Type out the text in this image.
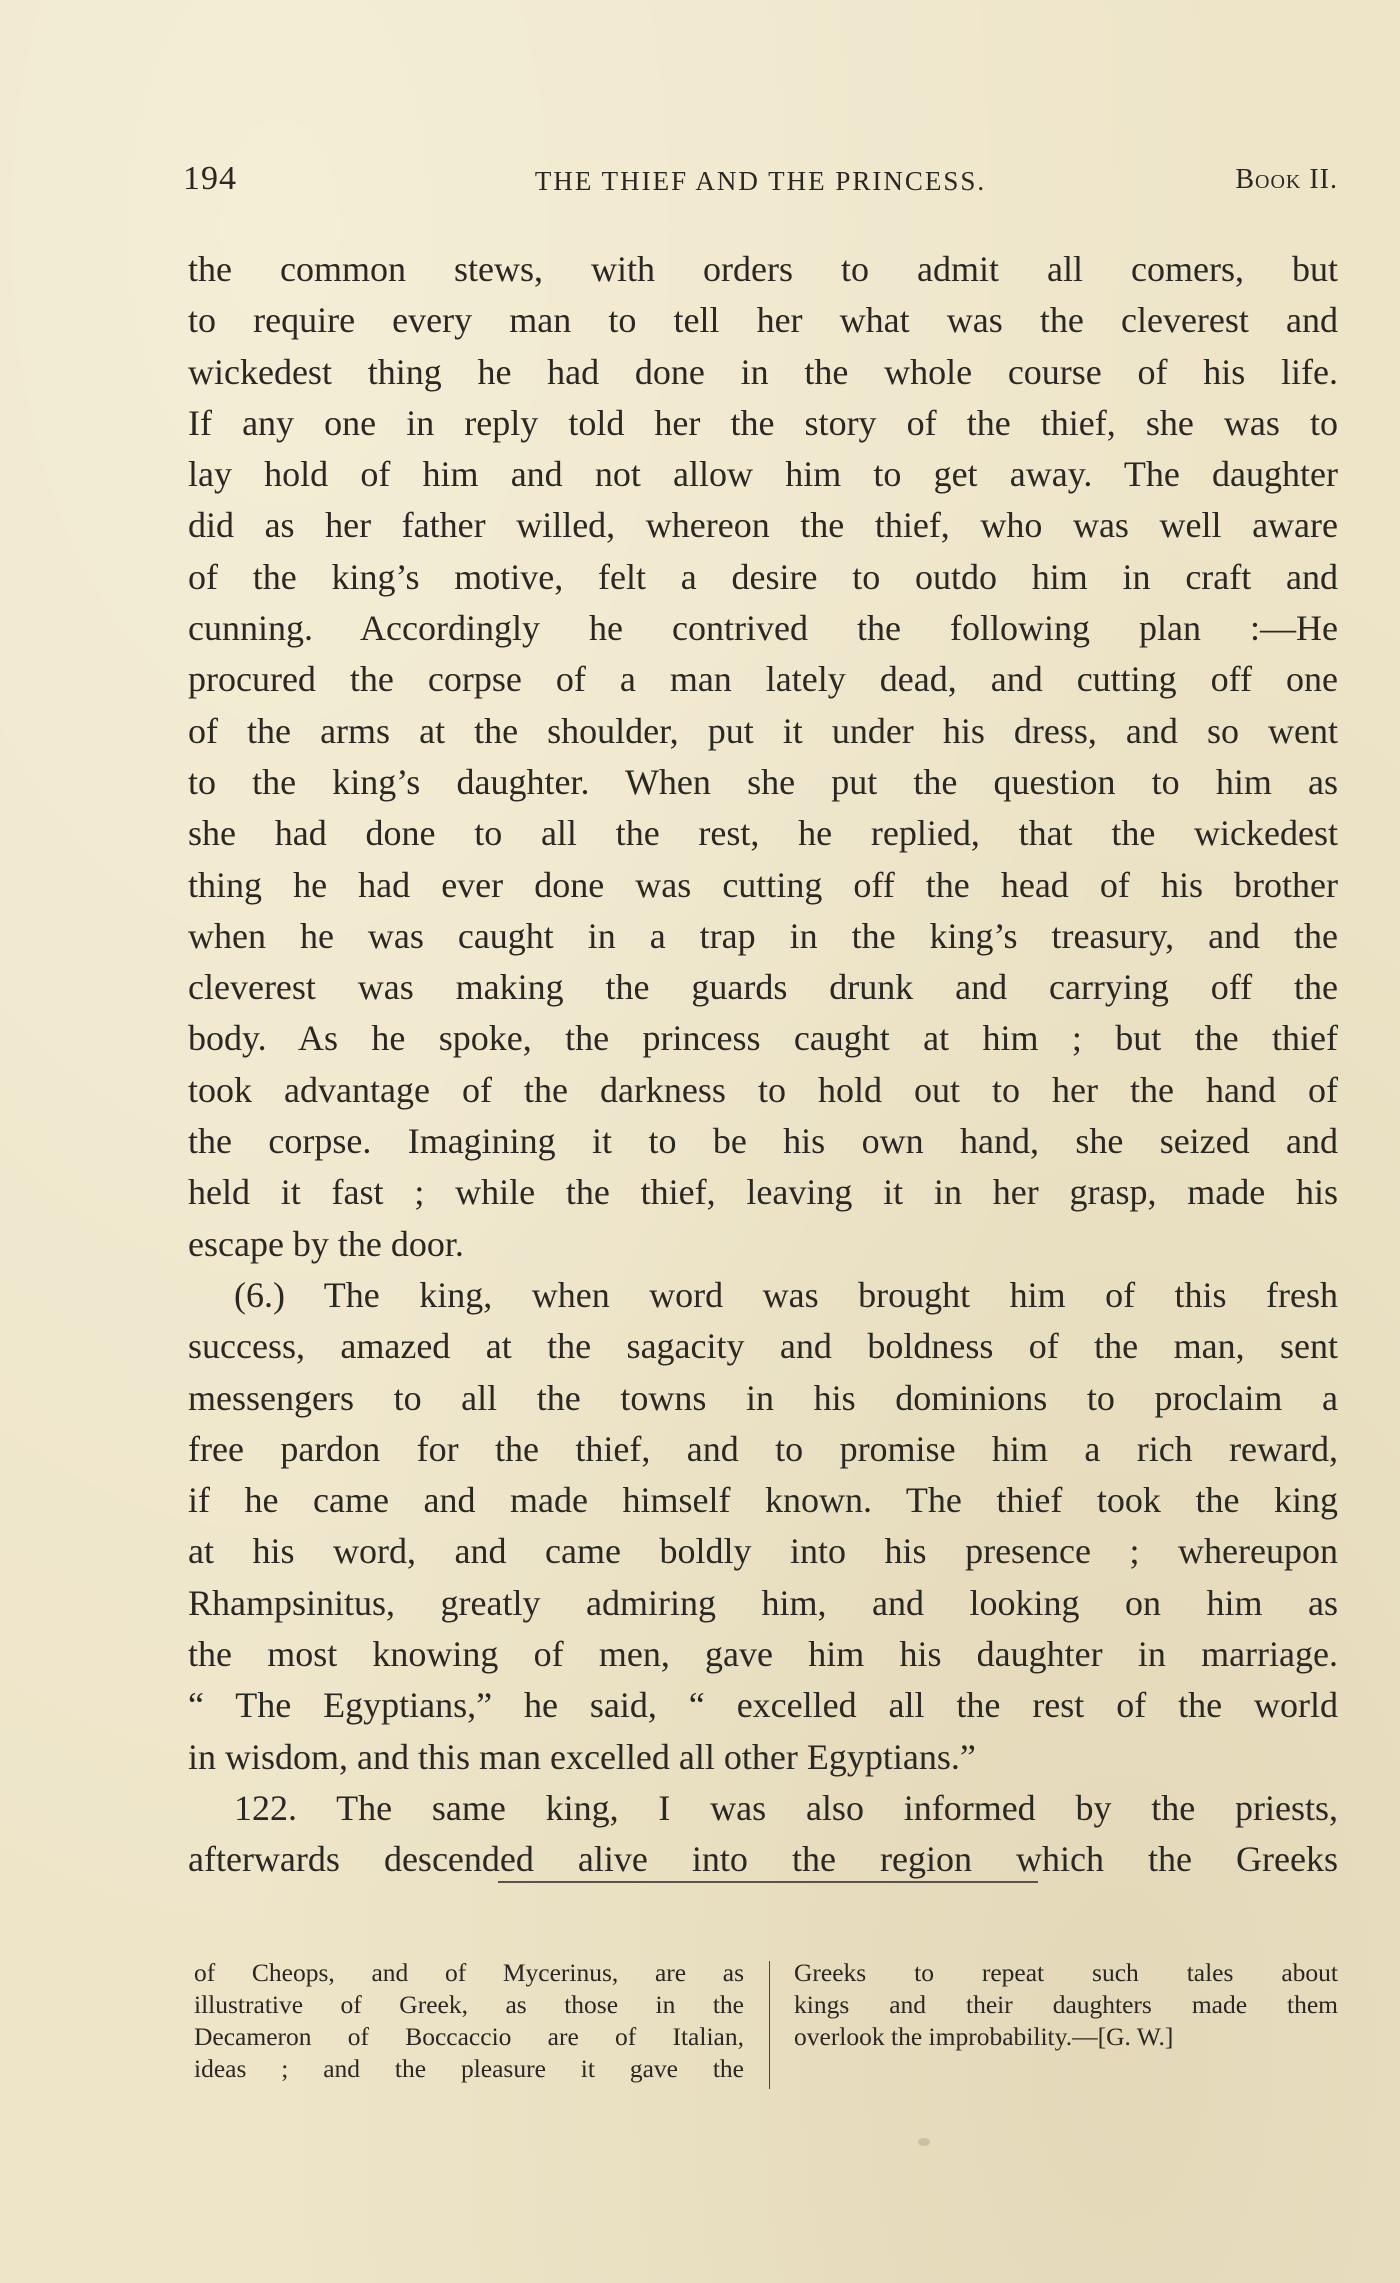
194	THE THIEF AND THE PRINCESS.	Book II.
the common stews, with orders to admit all comers, but
to require every man to tell her what was the cleverest and
wickedest thing he had done in the whole course of his life.
If any one in reply told her the story of the thief, she was to
lay hold of him and not allow him to get away. The daughter
did as her father willed, whereon the thief, who was well aware
of the king’s motive, felt a desire to outdo him in craft and
cunning. Accordingly he contrived the following plan :—He
procured the corpse of a man lately dead, and cutting off one
of the arms at the shoulder, put it under his dress, and so went
to the king’s daughter. When she put the question to him as
she had done to all the rest, he replied, that the wickedest
thing he had ever done was cutting off the head of his brother
when he was caught in a trap in the king’s treasury, and the
cleverest was making the guards drunk and carrying off the
body. As he spoke, the princess caught at him ; but the thief
took advantage of the darkness to hold out to her the hand of
the corpse. Imagining it to be his own hand, she seized and
held it fast ; while the thief, leaving it in her grasp, made his
escape by the door.
(6.) The king, when word was brought him of this fresh
success, amazed at the sagacity and boldness of the man, sent
messengers to all the towns in his dominions to proclaim a
free pardon for the thief, and to promise him a rich reward,
if he came and made himself known. The thief took the king
at his word, and came boldly into his presence ; whereupon
Rhampsinitus, greatly admiring him, and looking on him as
the most knowing of men, gave him his daughter in marriage.
“ The Egyptians,” he said, “ excelled all the rest of the world
in wisdom, and this man excelled all other Egyptians.”
122. The same king, I was also informed by the priests,
afterwards descended alive into the region which the Greeks
of Cheops, and of Mycerinus, are as
illustrative of Greek, as those in the
Decameron of Boccaccio are of Italian,
ideas ; and the pleasure it gave the
Greeks to repeat such tales about
kings and their daughters made them
overlook the improbability.—[G. W.]
